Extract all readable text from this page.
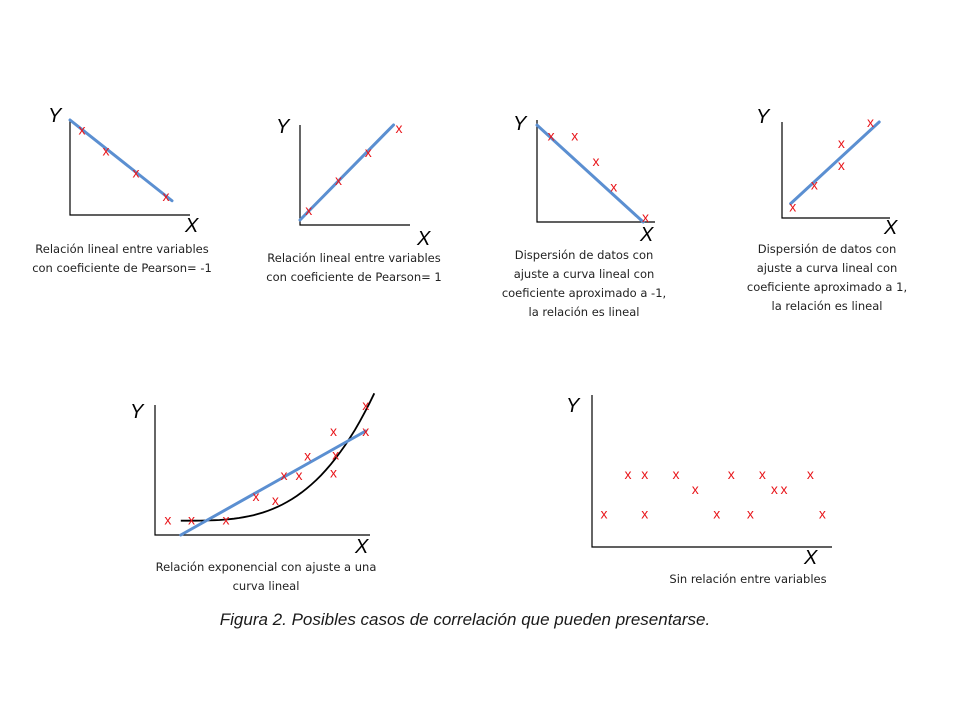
Y
X
x
x
x
x
Relación lineal entre variables con coeficiente de Pearson= -1
Y
X
x
x
x
x
Relación lineal entre variables con coeficiente de Pearson= 1
Y
X
x x
x
x
x
Dispersión de datos con ajuste a curva lineal con coeficiente aproximado a -1, la relación es lineal
Y
X
x
x
x
x
x
Dispersión de datos con ajuste a curva lineal con coeficiente aproximado a 1, la relación es lineal
Y
X
x x x
x x
x x
x
x
x
x x
x
Relación exponencial con ajuste a una curva lineal
Y
X
x
x
x
x x
x
x
x
x
x
x x
x
x
Sin relación entre variables
Figura 2. Posibles casos de correlación que pueden presentarse.
